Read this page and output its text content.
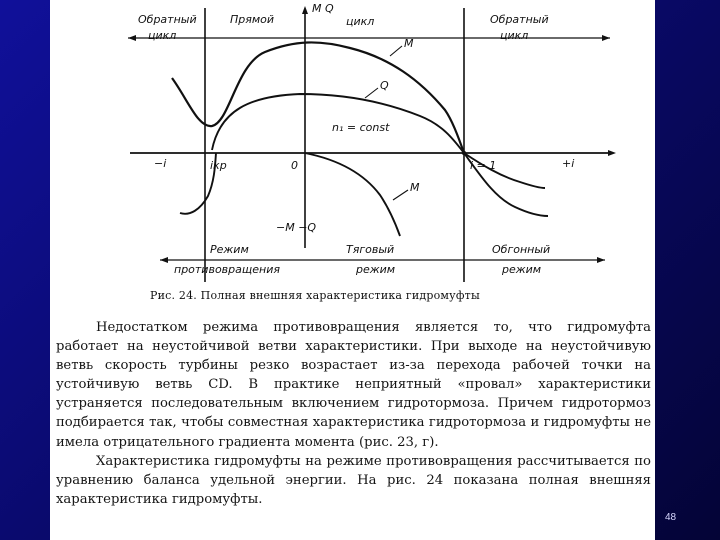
Обратный
цикл
Прямой
M Q
цикл	Обратный
цикл
M
Q
n₁ = const
−i	iкр	0	i = 1	+i
M
−M −Q
Режим
противовращения
Тяговый
режим
Обгонный
режим
Рис. 24. Полная внешняя характеристика гидромуфты

Недостатком режима противовращения является то, что гидромуфта работает на неустойчивой ветви характеристики. При выходе на неустойчивую ветвь скорость турбины резко возрастает из-за перехода рабочей точки на устойчивую ветвь CD. В практике неприятный «провал» характеристики устраняется последовательным включением гидротормоза. Причем гидротормоз подбирается так, чтобы совместная характеристика гидротормоза и гидромуфты не имела отрицательного градиента момента (рис. 23, г).

Характеристика гидромуфты на режиме противовращения рассчитывается по уравнению баланса удельной энергии. На рис. 24 показана полная внешняя характеристика гидромуфты.

48
